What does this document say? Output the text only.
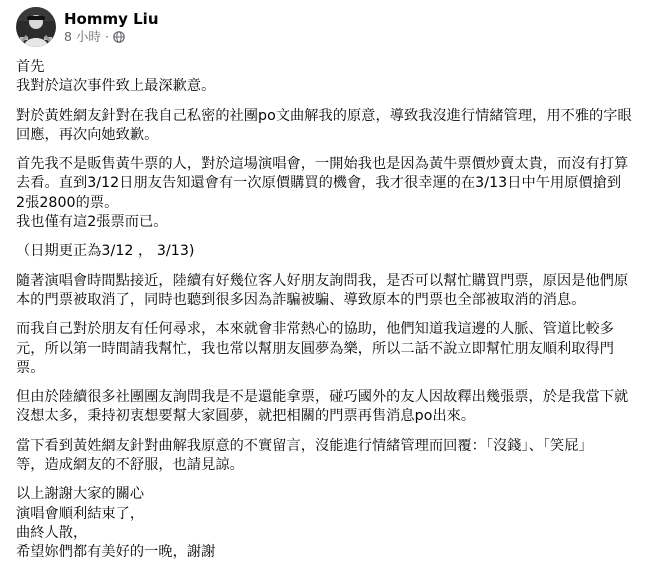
Hommy Liu
8 小時 ·
首先
我對於這次事件致上最深歉意。
對於黃姓網友針對在我自己私密的社團po文曲解我的原意，導致我沒進行情緒管理，用不雅的字眼
回應，再次向她致歉。
首先我不是販售黃牛票的人，對於這場演唱會，一開始我也是因為黃牛票價炒賣太貴，而沒有打算
去看。直到3/12日朋友告知還會有一次原價購買的機會，我才很幸運的在3/13日中午用原價搶到
2張2800的票。
我也僅有這2張票而已。
（日期更正為3/12 ， 3/13)
隨著演唱會時間點接近，陸續有好幾位客人好朋友詢問我，是否可以幫忙購買門票，原因是他們原
本的門票被取消了，同時也聽到很多因為詐騙被騙、導致原本的門票也全部被取消的消息。
而我自己對於朋友有任何尋求，本來就會非常熱心的協助，他們知道我這邊的人脈、管道比較多
元，所以第一時間請我幫忙，我也常以幫朋友圓夢為樂，所以二話不說立即幫忙朋友順利取得門
票。
但由於陸續很多社團團友詢問我是不是還能拿票，碰巧國外的友人因故釋出幾張票，於是我當下就
沒想太多，秉持初衷想要幫大家圓夢，就把相關的門票再售消息po出來。
當下看到黃姓網友針對曲解我原意的不實留言，沒能進行情緒管理而回覆：「沒錢」、「笑屁」
等，造成網友的不舒服，也請見諒。
以上謝謝大家的關心
演唱會順利結束了，
曲終人散，
希望妳們都有美好的一晚，謝謝
